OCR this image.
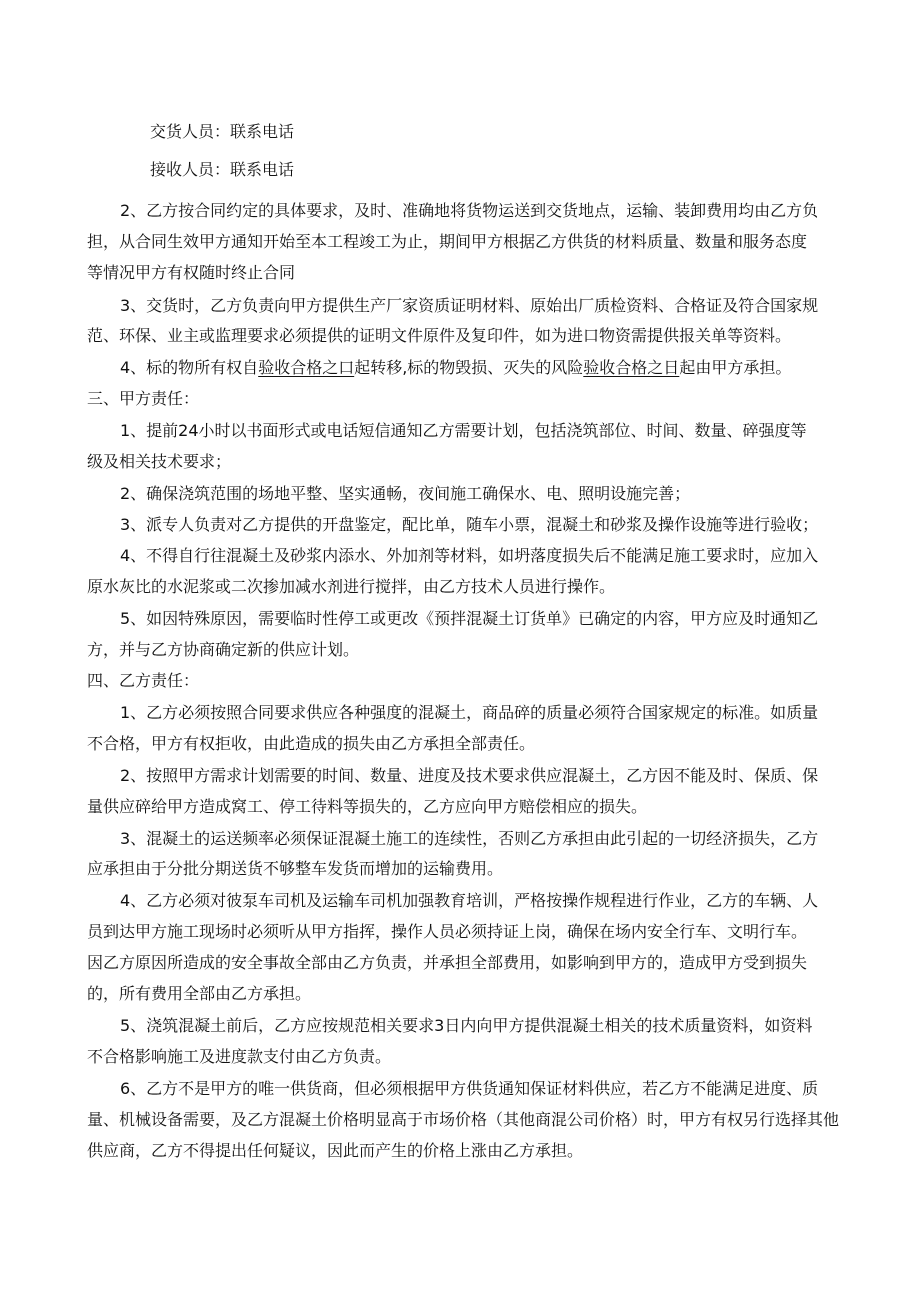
交货人员：联系电话
接收人员：联系电话
2、乙方按合同约定的具体要求，及时、准确地将货物运送到交货地点，运输、装卸费用均由乙方负
担，从合同生效甲方通知开始至本工程竣工为止，期间甲方根据乙方供货的材料质量、数量和服务态度
等情况甲方有权随时终止合同
3、交货时，乙方负责向甲方提供生产厂家资质证明材料、原始出厂质检资料、合格证及符合国家规
范、环保、业主或监理要求必须提供的证明文件原件及复印件，如为进口物资需提供报关单等资料。
4、标的物所有权自验收合格之口起转移,标的物毁损、灭失的风险验收合格之日起由甲方承担。
三、甲方责任：
1、提前24小时以书面形式或电话短信通知乙方需要计划，包括浇筑部位、时间、数量、碎强度等
级及相关技术要求；
2、确保浇筑范围的场地平整、坚实通畅，夜间施工确保水、电、照明设施完善；
3、派专人负责对乙方提供的开盘鉴定，配比单，随车小票，混凝土和砂浆及操作设施等进行验收；
4、不得自行往混凝土及砂浆内添水、外加剂等材料，如坍落度损失后不能满足施工要求时，应加入
原水灰比的水泥浆或二次掺加减水剂进行搅拌，由乙方技术人员进行操作。
5、如因特殊原因，需要临时性停工或更改《预拌混凝土订货单》已确定的内容，甲方应及时通知乙
方，并与乙方协商确定新的供应计划。
四、乙方责任：
1、乙方必须按照合同要求供应各种强度的混凝土，商品碎的质量必须符合国家规定的标准。如质量
不合格，甲方有权拒收，由此造成的损失由乙方承担全部责任。
2、按照甲方需求计划需要的时间、数量、进度及技术要求供应混凝土，乙方因不能及时、保质、保
量供应碎给甲方造成窝工、停工待料等损失的，乙方应向甲方赔偿相应的损失。
3、混凝土的运送频率必须保证混凝土施工的连续性，否则乙方承担由此引起的一切经济损失，乙方
应承担由于分批分期送货不够整车发货而增加的运输费用。
4、乙方必须对彼泵车司机及运输车司机加强教育培训，严格按操作规程进行作业，乙方的车辆、人
员到达甲方施工现场时必须听从甲方指挥，操作人员必须持证上岗，确保在场内安全行车、文明行车。
因乙方原因所造成的安全事故全部由乙方负责，并承担全部费用，如影响到甲方的，造成甲方受到损失
的，所有费用全部由乙方承担。
5、浇筑混凝土前后，乙方应按规范相关要求3日内向甲方提供混凝土相关的技术质量资料，如资料
不合格影响施工及进度款支付由乙方负责。
6、乙方不是甲方的唯一供货商，但必须根据甲方供货通知保证材料供应，若乙方不能满足进度、质
量、机械设备需要，及乙方混凝土价格明显高于市场价格（其他商混公司价格）时，甲方有权另行选择其他
供应商，乙方不得提出任何疑议，因此而产生的价格上涨由乙方承担。
